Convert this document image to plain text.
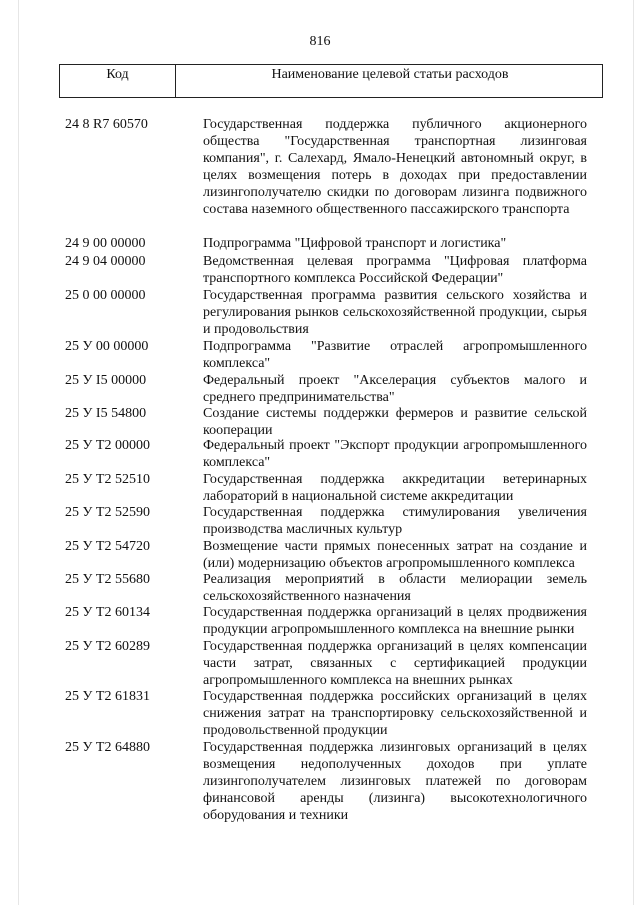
816
Код	Наименование целевой статьи расходов
24 8 R7 60570	Государственная поддержка публичного акционерного общества "Государственная транспортная лизинговая компания", г. Салехард, Ямало-Ненецкий автономный округ, в целях возмещения потерь в доходах при предоставлении лизингополучателю скидки по договорам лизинга подвижного состава наземного общественного пассажирского транспорта
24 9 00 00000	Подпрограмма "Цифровой транспорт и логистика"
24 9 04 00000	Ведомственная целевая программа "Цифровая платформа транспортного комплекса Российской Федерации"
25 0 00 00000	Государственная программа развития сельского хозяйства и регулирования рынков сельскохозяйственной продукции, сырья и продовольствия
25 У 00 00000	Подпрограмма "Развитие отраслей агропромышленного комплекса"
25 У I5 00000	Федеральный проект "Акселерация субъектов малого и среднего предпринимательства"
25 У I5 54800	Создание системы поддержки фермеров и развитие сельской кооперации
25 У Т2 00000	Федеральный проект "Экспорт продукции агропромышленного комплекса"
25 У Т2 52510	Государственная поддержка аккредитации ветеринарных лабораторий в национальной системе аккредитации
25 У Т2 52590	Государственная поддержка стимулирования увеличения производства масличных культур
25 У Т2 54720	Возмещение части прямых понесенных затрат на создание и (или) модернизацию объектов агропромышленного комплекса
25 У Т2 55680	Реализация мероприятий в области мелиорации земель сельскохозяйственного назначения
25 У Т2 60134	Государственная поддержка организаций в целях продвижения продукции агропромышленного комплекса на внешние рынки
25 У Т2 60289	Государственная поддержка организаций в целях компенсации части затрат, связанных с сертификацией продукции агропромышленного комплекса на внешних рынках
25 У Т2 61831	Государственная поддержка российских организаций в целях снижения затрат на транспортировку сельскохозяйственной и продовольственной продукции
25 У Т2 64880	Государственная поддержка лизинговых организаций в целях возмещения недополученных доходов при уплате лизингополучателем лизинговых платежей по договорам финансовой аренды (лизинга) высокотехнологичного оборудования и техники
